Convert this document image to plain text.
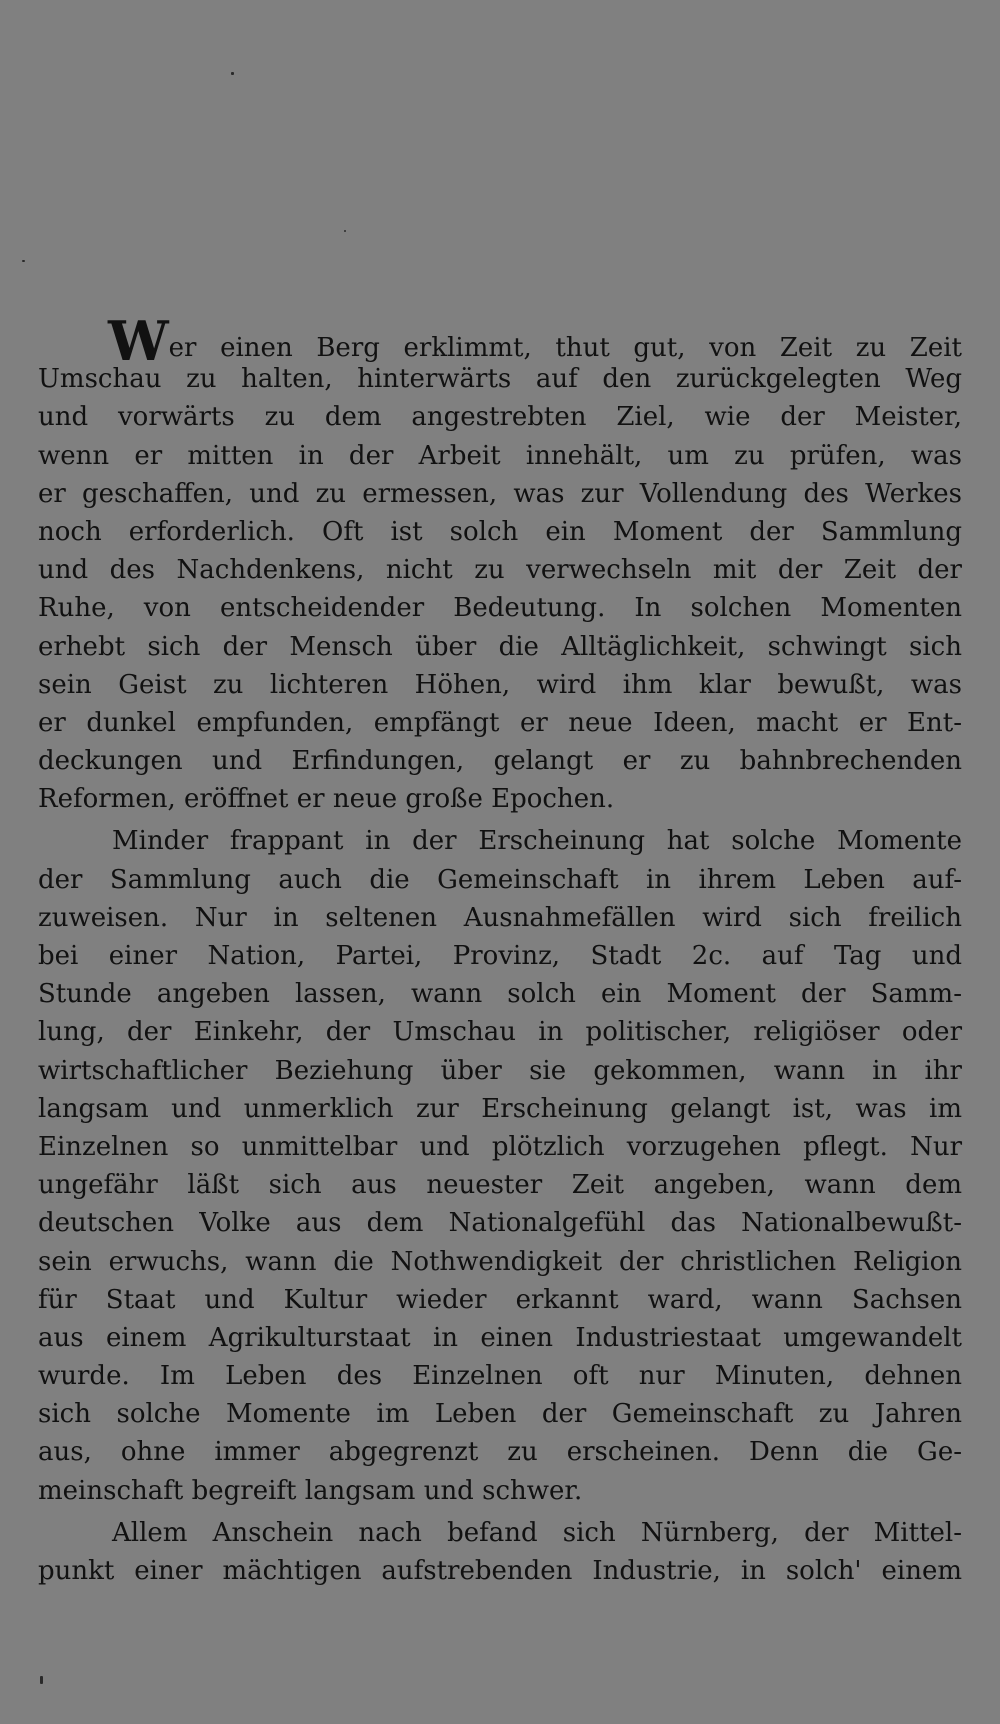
Wer einen Berg erklimmt, thut gut, von Zeit zu Zeit
Umschau zu halten, hinterwärts auf den zurückgelegten Weg
und vorwärts zu dem angestrebten Ziel, wie der Meister,
wenn er mitten in der Arbeit innehält, um zu prüfen, was
er geschaffen, und zu ermessen, was zur Vollendung des Werkes
noch erforderlich. Oft ist solch ein Moment der Sammlung
und des Nachdenkens, nicht zu verwechseln mit der Zeit der
Ruhe, von entscheidender Bedeutung. In solchen Momenten
erhebt sich der Mensch über die Alltäglichkeit, schwingt sich
sein Geist zu lichteren Höhen, wird ihm klar bewußt, was
er dunkel empfunden, empfängt er neue Ideen, macht er Ent-
deckungen und Erfindungen, gelangt er zu bahnbrechenden
Reformen, eröffnet er neue große Epochen.
Minder frappant in der Erscheinung hat solche Momente
der Sammlung auch die Gemeinschaft in ihrem Leben auf-
zuweisen. Nur in seltenen Ausnahmefällen wird sich freilich
bei einer Nation, Partei, Provinz, Stadt 2c. auf Tag und
Stunde angeben lassen, wann solch ein Moment der Samm-
lung, der Einkehr, der Umschau in politischer, religiöser oder
wirtschaftlicher Beziehung über sie gekommen, wann in ihr
langsam und unmerklich zur Erscheinung gelangt ist, was im
Einzelnen so unmittelbar und plötzlich vorzugehen pflegt. Nur
ungefähr läßt sich aus neuester Zeit angeben, wann dem
deutschen Volke aus dem Nationalgefühl das Nationalbewußt-
sein erwuchs, wann die Nothwendigkeit der christlichen Religion
für Staat und Kultur wieder erkannt ward, wann Sachsen
aus einem Agrikulturstaat in einen Industriestaat umgewandelt
wurde. Im Leben des Einzelnen oft nur Minuten, dehnen
sich solche Momente im Leben der Gemeinschaft zu Jahren
aus, ohne immer abgegrenzt zu erscheinen. Denn die Ge-
meinschaft begreift langsam und schwer.
Allem Anschein nach befand sich Nürnberg, der Mittel-
punkt einer mächtigen aufstrebenden Industrie, in solch' einem
